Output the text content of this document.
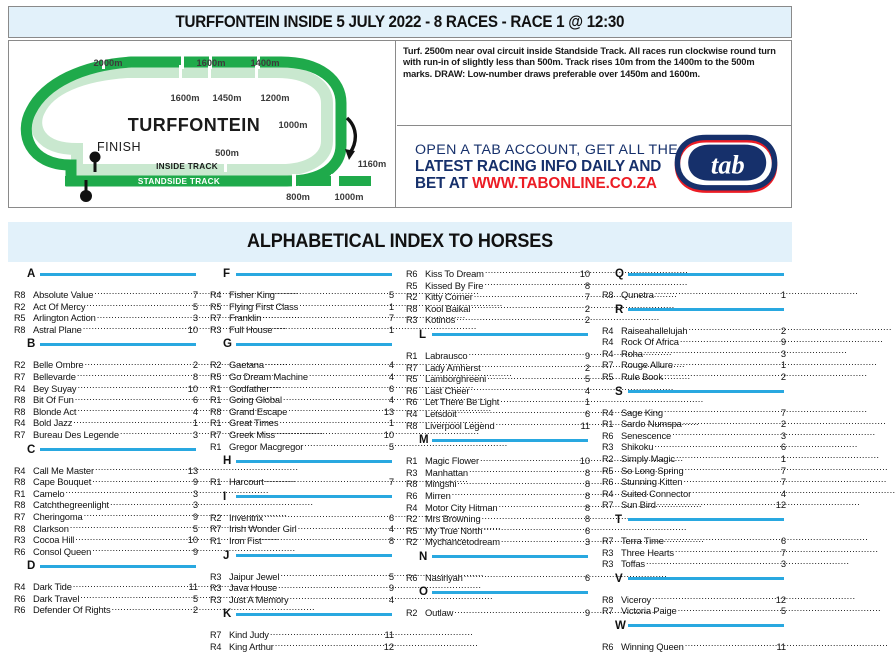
TURFFONTEIN INSIDE 5 JULY 2022 - 8 RACES - RACE 1 @ 12:30
2000m	1600m	1400m
1600m 1450m 1200m
1000m
500m
1160m
800m	1000m
TURFFONTEIN
FINISH
INSIDE TRACK
STANDSIDE TRACK

Turf. 2500m near oval circuit inside Standside Track. All races run clockwise round turn with run-in of slightly less than 500m. Track rises 10m from the 1400m to the 500m marks. DRAW: Low-number draws preferable over 1450m and 1600m.

OPEN A TAB ACCOUNT, GET ALL THE
LATEST RACING INFO DAILY AND
BET AT WWW.TABONLINE.CO.ZA
tab
ALPHABETICAL INDEX TO HORSES
A
R8 Absolute Value .....	7
R2 Act Of Mercy .....	5
R5 Arlington Action .....	3
R8 Astral Plane .....	10
B
R2 Belle Ombre .....	2
R7 Bellevarde .....	8
R4 Bey Suyay .....	10
R8 Bit Of Fun .....	6
R8 Blonde Act .....	4
R4 Bold Jazz .....	1
R7 Bureau Des Legende .....	3
C
R4 Call Me Master .....	13
R8 Cape Bouquet .....	9
R1 Camelo .....	3
R8 Catchthegreenlight .....	3
R7 Cheringoma .....	9
R8 Clarkson .....	5
R3 Cocoa Hill .....	10
R6 Consol Queen .....	9
D
R4 Dark Tide .....	11
R6 Dark Travel .....	5
R6 Defender Of Rights .....	2
F
R4 Fisher King .....	5
R5 Flying First Class .....	1
R7 Franklin .....	7
R3 Full House .....	1
G
R2 Gaetana .....	4
R5 Go Dream Machine .....	4
R1 Godfather .....	6
R1 Going Global .....	4
R8 Grand Escape .....	13
R1 Great Times .....	1
R7 Greek Miss .....	10
R1 Gregor Macgregor .....	5
H
R1 Harcourt .....	7
I
R2 Inventrix .....	6
R7 Irish Wonder Girl .....	4
R1 Iron Fist .....	8
J
R3 Jaipur Jewel .....	5
R3 Java House .....	9
R3 Just A Memory .....	4
K
R7 Kind Judy .....	11
R4 King Arthur .....	12
R6 Kiss To Dream .....	10
R5 Kissed By Fire .....	8
R2 Kitty Corner .....	7
R8 Kool Baikal .....	2
R3 Kotinos .....	2
L
R1 Labrausco .....	9
R7 Lady Amherst .....	2
R5 Lamborghreeni .....	5
R6 Last Cheer .....	4
R6 Let There Be Light .....	1
R4 Letsdoit .....	6
R8 Liverpool Legend .....	11
M
R1 Magic Flower .....	10
R3 Manhattan .....	8
R8 Mingshi .....	8
R6 Mirren .....	8
R4 Motor City Hitman .....	8
R2 Mrs Browning .....	8
R5 My True North .....	6
R2 Mychancetodream .....	3
N
R6 Nasiriyah .....	6
O
R2 Outlaw .....	9
Q
R8 Qunetra .....	1
R
R4 Raiseahallelujah .....	2
R4 Rock Of Africa .....	9
R4 Roha .....	3
R7 Rouge Allure .....	1
R5 Rule Book .....	2
S
R4 Sage King .....	7
R1 Sardo Numspa .....	2
R6 Senescence .....	3
R3 Shikoku .....	6
R2 Simply Magic .....	1
R5 So Long Spring .....	7
R6 Stunning Kitten .....	7
R4 Suited Connector .....	4
R7 Sun Bird .....	12
T
R7 Terra Time .....	6
R3 Three Hearts .....	7
R3 Toffas .....	3
V
R8 Viceroy .....	12
R7 Victoria Paige .....	5
W
R6 Winning Queen .....	11
